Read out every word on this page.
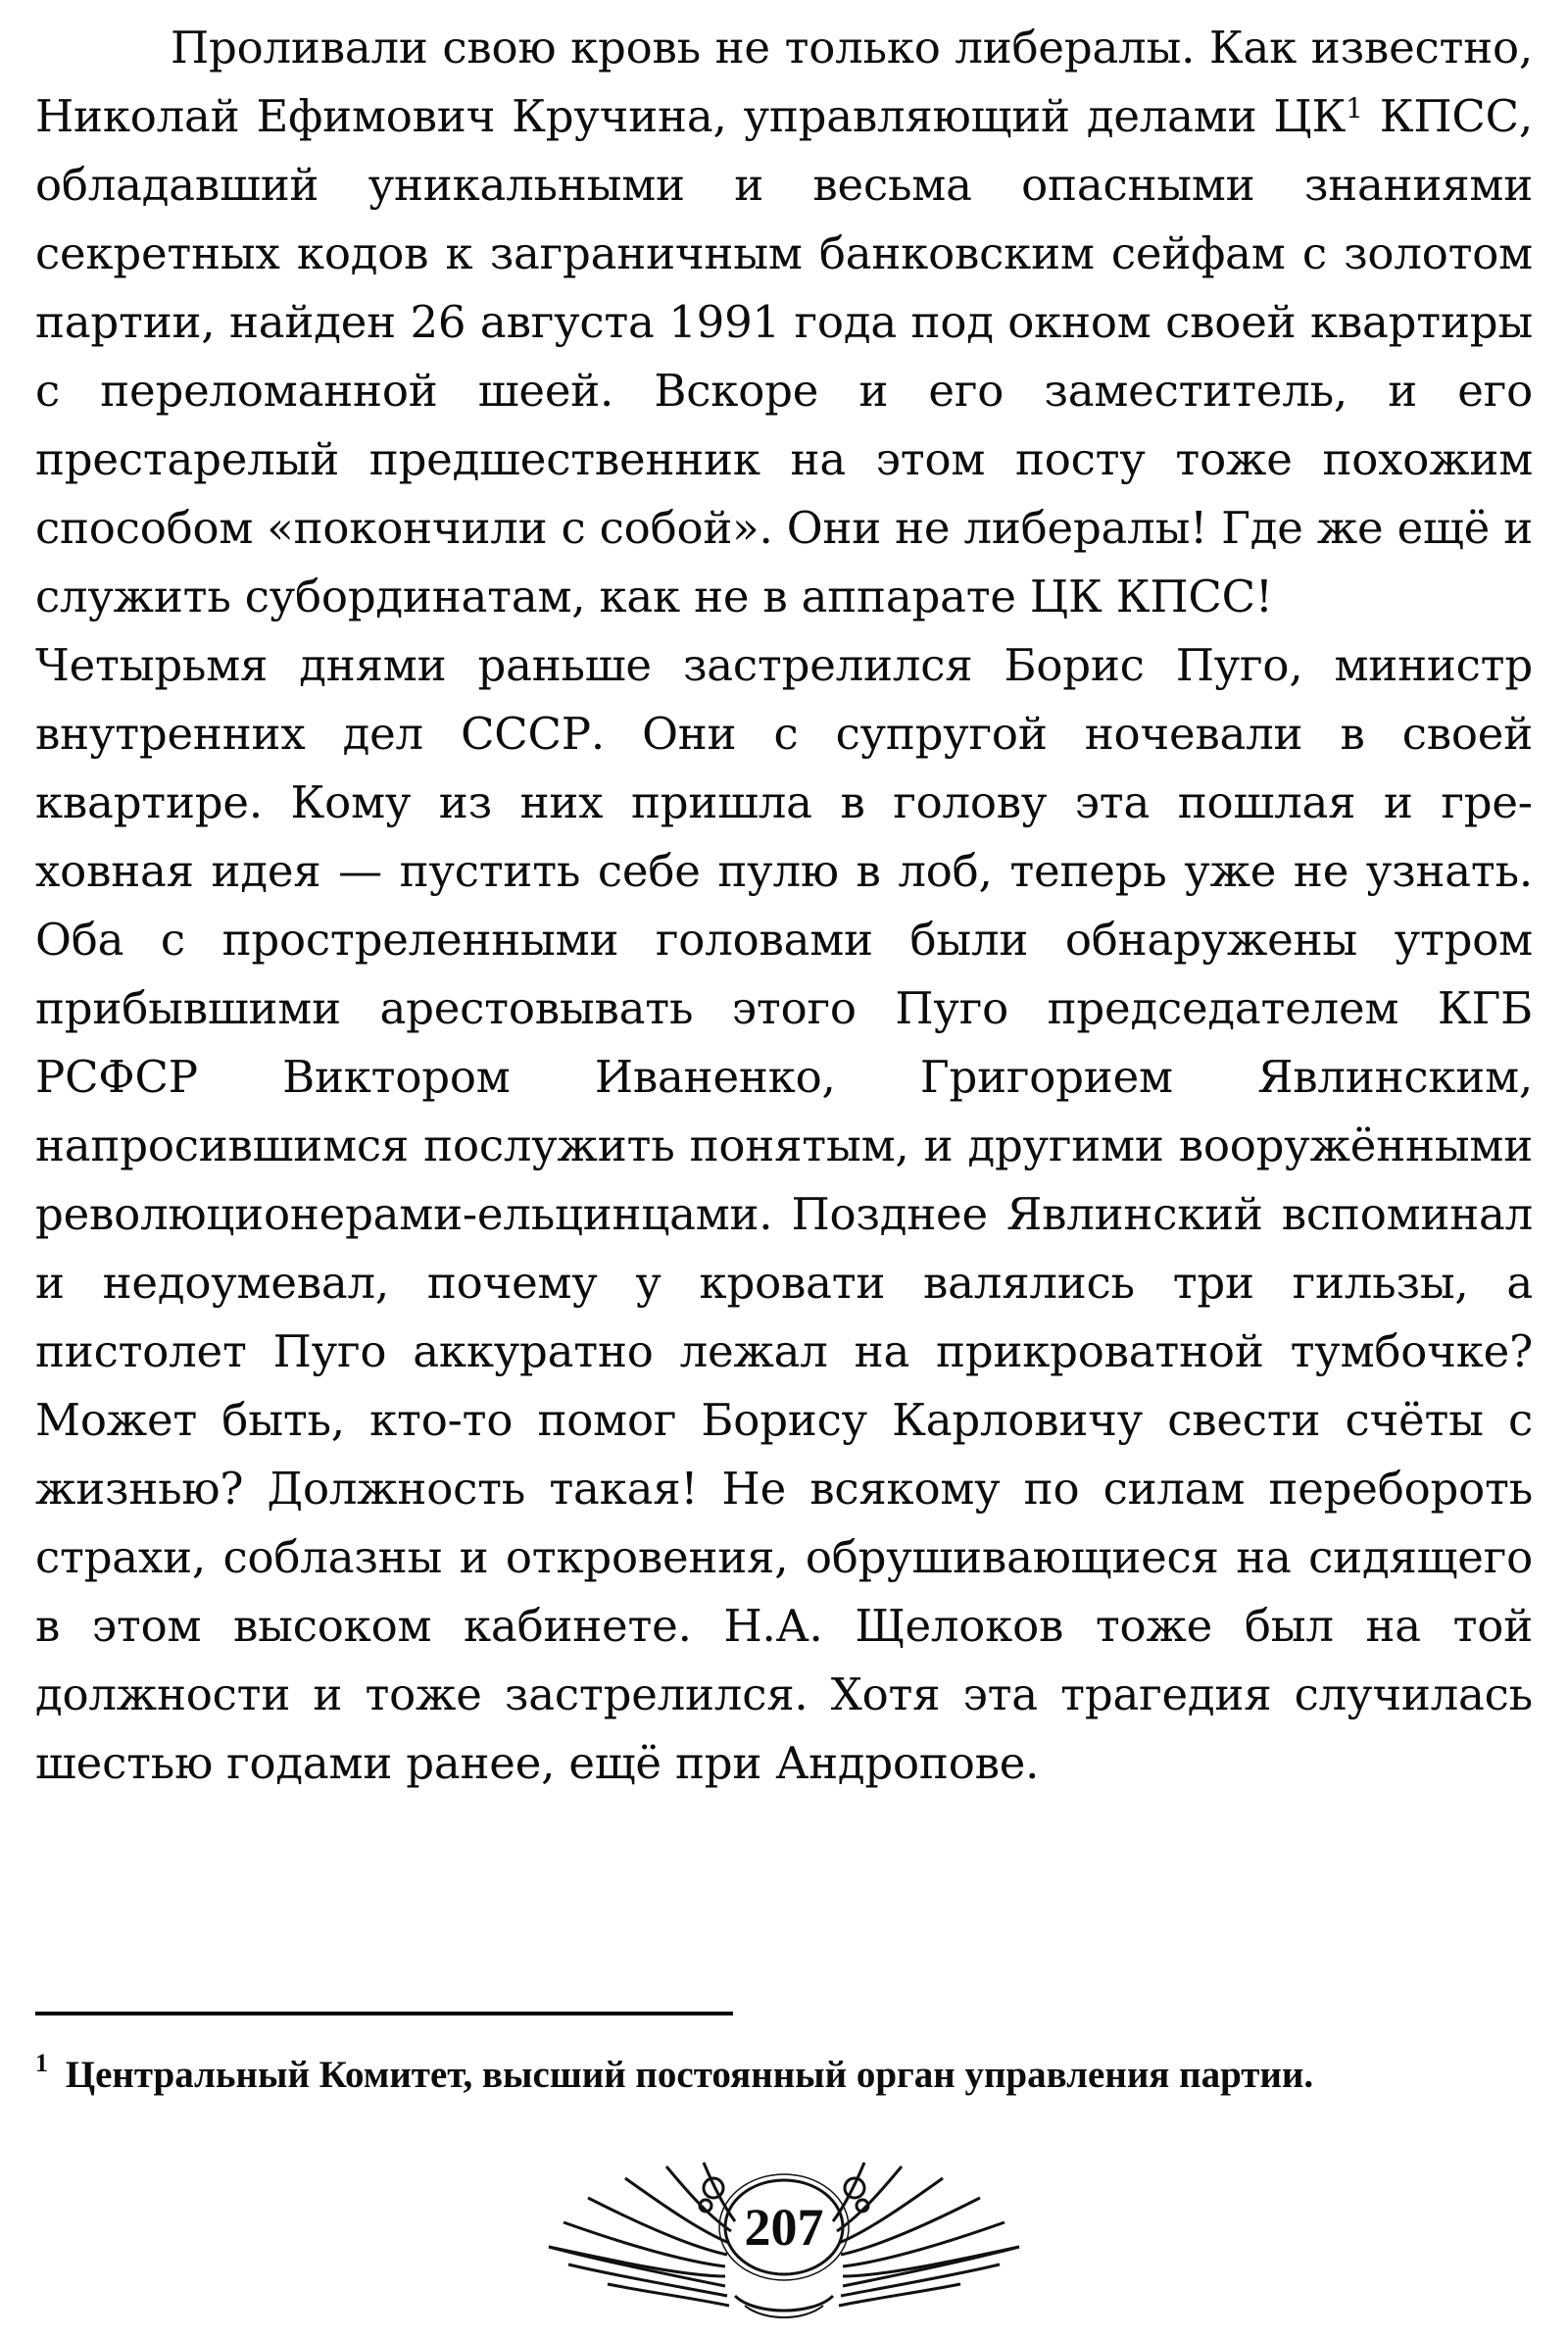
Проливали свою кровь не только либералы. Как известно, Николай Ефимович Кручина, управляющий делами ЦК$^1$ КПСС, обладавший уникальными и весьма опасными знаниями секретных кодов к заграничным банковским сейфам с золотом партии, найден 26 августа 1991 года под окном своей квартиры с переломанной шеей. Вскоре и его заместитель, и его престарелый предшественник на этом посту тоже похожим способом «покончили с собой». Они не либералы! Где же ещё и служить субординатам, как не в аппарате ЦК КПСС!

Четырьмя днями раньше застрелился Борис Пуго, министр внутренних дел СССР. Они с супругой ночевали в своей квартире. Кому из них пришла в голову эта пошлая и греховная идея — пустить себе пулю в лоб, теперь уже не узнать. Оба с простреленными головами были обнаружены утром прибывшими арестовывать этого Пуго председателем КГБ РСФСР Виктором Иваненко, Григорием Явлинским, напросившимся послужить понятым, и другими вооружёнными революционерами-ельцинцами. Позднее Явлинский вспоминал и недоумевал, почему у кровати валялись три гильзы, а пистолет Пуго аккуратно лежал на прикроватной тумбочке? Может быть, кто-то помог Борису Карловичу свести счёты с жизнью? Должность такая! Не всякому по силам перебороть страхи, соблазны и откровения, обрушивающиеся на сидящего в этом высоком кабинете. Н.А. Щелоков тоже был на той должности и тоже застрелился. Хотя эта трагедия случилась шестью годами ранее, ещё при Андропове.

$^1$ Центральный Комитет, высший постоянный орган управления партии.
207
